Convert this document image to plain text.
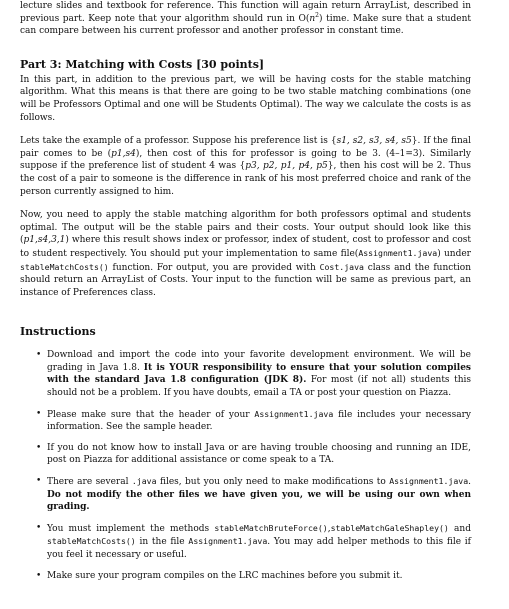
lecture slides and textbook for reference. This function will again return ArrayList, described in previous part. Keep note that your algorithm should run in $O(n^2)$ time. Make sure that a student can compare between his current professor and another professor in constant time.

Part 3: Matching with Costs [30 points]

In this part, in addition to the previous part, we will be having costs for the stable matching algorithm. What this means is that there are going to be two stable matching combinations (one will be Professors Optimal and one will be Students Optimal). The way we calculate the costs is as follows.

Lets take the example of a professor. Suppose his preference list is {s1, s2, s3, s4, s5}. If the final pair comes to be (p1,s4), then cost of this for professor is going to be 3. (4–1=3). Similarly suppose if the preference list of student 4 was {p3, p2, p1, p4, p5}, then his cost will be 2. Thus the cost of a pair to someone is the difference in rank of his most preferred choice and rank of the person currently assigned to him.

Now, you need to apply the stable matching algorithm for both professors optimal and students optimal. The output will be the stable pairs and their costs. Your output should look like this (p1,s4,3,1) where this result shows index or professor, index of student, cost to professor and cost to student respectively. You should put your implementation to same file(Assignment1.java) under stableMatchCosts() function. For output, you are provided with Cost.java class and the function should return an ArrayList of Costs. Your input to the function will be same as previous part, an instance of Preferences class.

Instructions
• Download and import the code into your favorite development environment. We will be grading in Java 1.8. It is YOUR responsibility to ensure that your solution compiles with the standard Java 1.8 configuration (JDK 8). For most (if not all) students this should not be a problem. If you have doubts, email a TA or post your question on Piazza.
• Please make sure that the header of your Assignment1.java file includes your necessary information. See the sample header.
• If you do not know how to install Java or are having trouble choosing and running an IDE, post on Piazza for additional assistance or come speak to a TA.
• There are several .java files, but you only need to make modifications to Assignment1.java. Do not modify the other files we have given you, we will be using our own when grading.
• You must implement the methods stableMatchBruteForce(),stableMatchGaleShapley() and stableMatchCosts() in the file Assignment1.java. You may add helper methods to this file if you feel it necessary or useful.
• Make sure your program compiles on the LRC machines before you submit it.
